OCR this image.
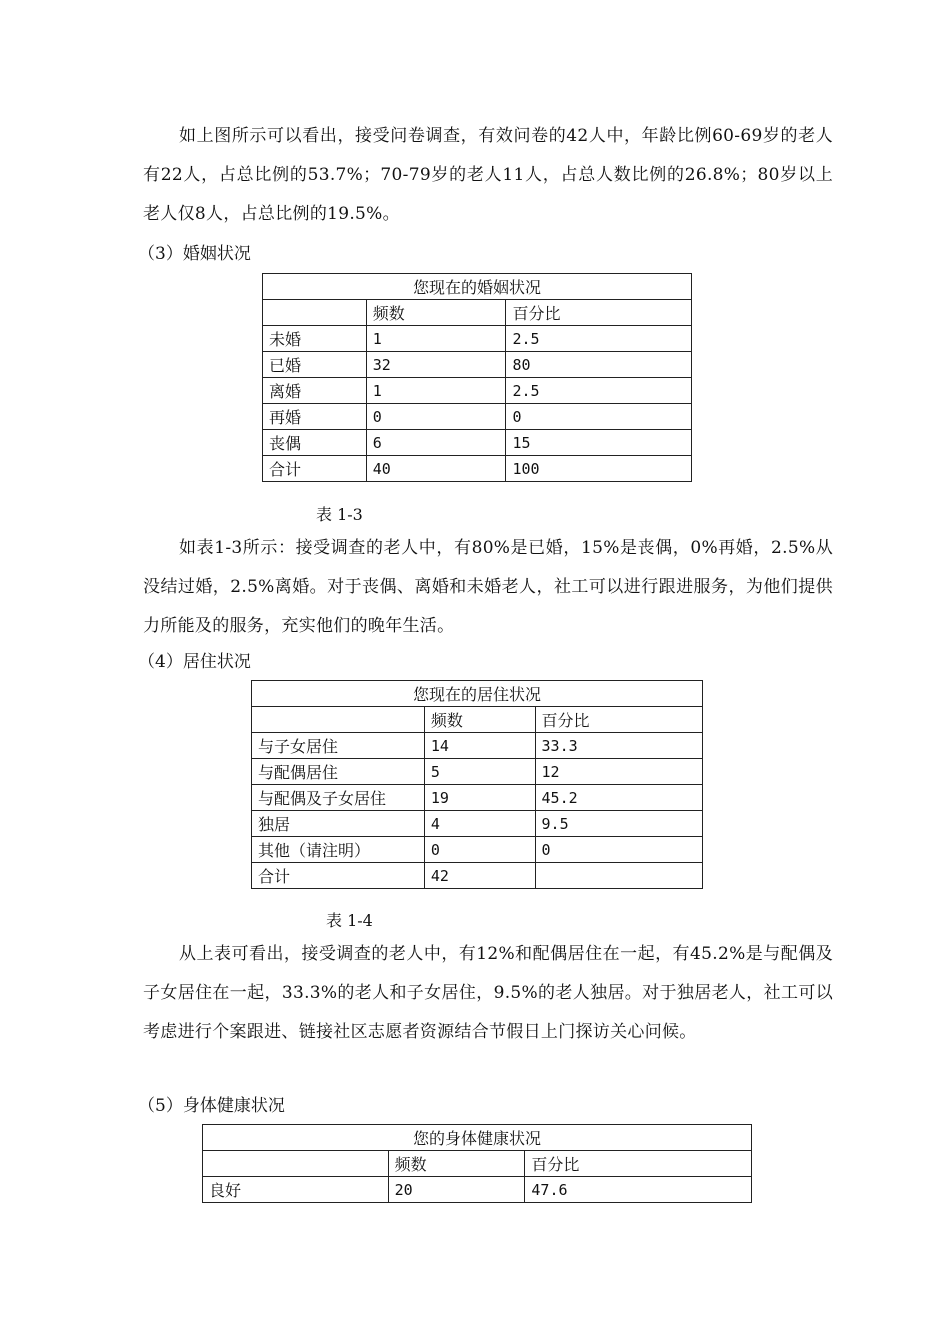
如上图所示可以看出，接受问卷调查，有效问卷的42人中，年龄比例60-69岁的老人有22人，占总比例的53.7%；70-79岁的老人11人，占总人数比例的26.8%；80岁以上老人仅8人，占总比例的19.5%。

（3）婚姻状况

您现在的婚姻状况		
	频数	百分比
未婚	1	2.5
已婚	32	80
离婚	1	2.5
再婚	0	0
丧偶	6	15
合计	40	100
表 1-3

如表1-3所示：接受调查的老人中，有80%是已婚，15%是丧偶，0%再婚，2.5%从没结过婚，2.5%离婚。对于丧偶、离婚和未婚老人，社工可以进行跟进服务，为他们提供力所能及的服务，充实他们的晚年生活。

（4）居住状况

您现在的居住状况		
	频数	百分比
与子女居住	14	33.3
与配偶居住	5	12
与配偶及子女居住	19	45.2
独居	4	9.5
其他（请注明）	0	0
合计	42	
表 1-4

从上表可看出，接受调查的老人中，有12%和配偶居住在一起，有45.2%是与配偶及子女居住在一起，33.3%的老人和子女居住，9.5%的老人独居。对于独居老人，社工可以考虑进行个案跟进、链接社区志愿者资源结合节假日上门探访关心问候。

（5）身体健康状况

您的身体健康状况		
	频数	百分比
良好	20	47.6
